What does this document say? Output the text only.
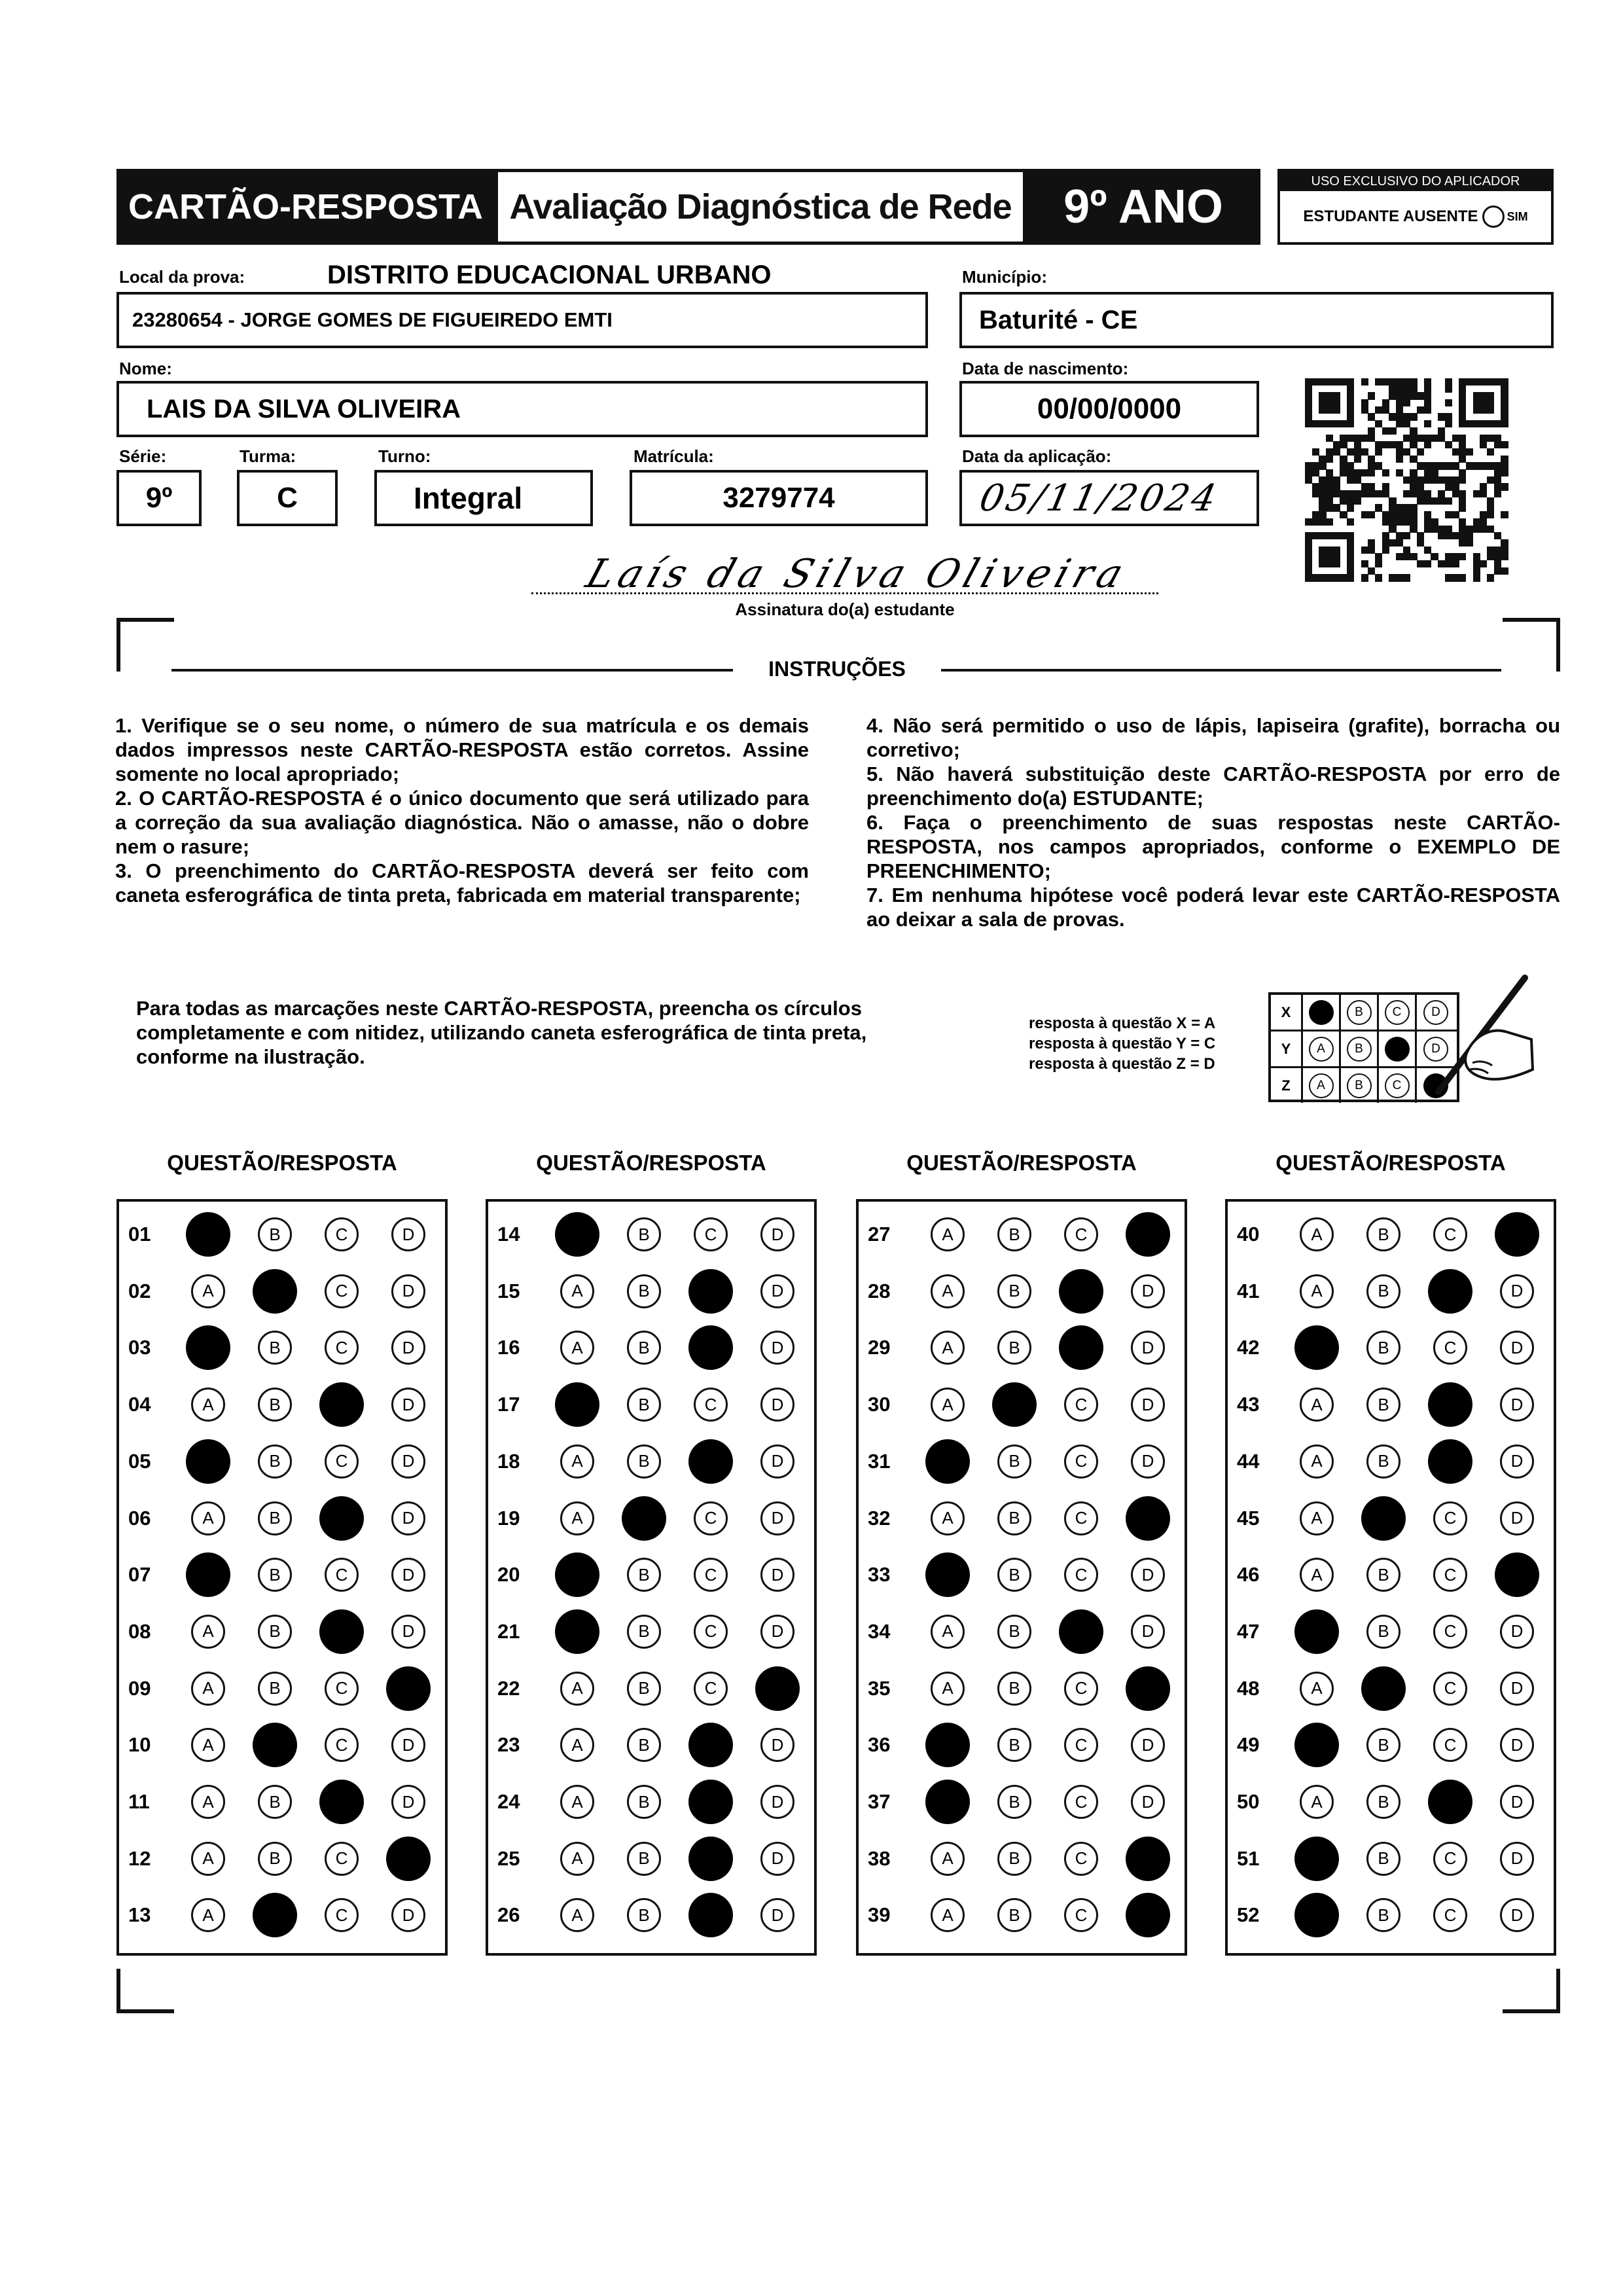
CARTÃO-RESPOSTA Avaliação Diagnóstica de Rede	9º ANO	USO EXCLUSIVO DO APLICADOR
ESTUDANTE AUSENTE SIM
Local da prova:	DISTRITO EDUCACIONAL URBANO
23280654 - JORGE GOMES DE FIGUEIREDO EMTI
Município:
Baturité - CE
Nome:
LAIS DA SILVA OLIVEIRA
Data de nascimento:
00/00/0000
Série:
9º
Turma:
C
Turno:
Integral
Matrícula:
3279774
Data da aplicação:
05/11/2024
Laís da Silva Oliveira
Assinatura do(a) estudante
INSTRUÇÕES

1. Verifique se o seu nome, o número de sua matrícula e os demais dados impressos neste CARTÃO-RESPOSTA estão corretos. Assine somente no local apropriado;

2. O CARTÃO-RESPOSTA é o único documento que será utilizado para a correção da sua avaliação diagnóstica. Não o amasse, não o dobre nem o rasure;

3. O preenchimento do CARTÃO-RESPOSTA deverá ser feito com caneta esferográfica de tinta preta, fabricada em material transparente;

4. Não será permitido o uso de lápis, lapiseira (grafite), borracha ou corretivo;

5. Não haverá substituição deste CARTÃO-RESPOSTA por erro de preenchimento do(a) ESTUDANTE;

6. Faça o preenchimento de suas respostas neste CARTÃO-RESPOSTA, nos campos apropriados, conforme o EXEMPLO DE PREENCHIMENTO;

7. Em nenhuma hipótese você poderá levar este CARTÃO-RESPOSTA ao deixar a sala de provas.

Para todas as marcações neste CARTÃO-RESPOSTA, preencha os círculos completamente e com nitidez, utilizando caneta esferográfica de tinta preta, conforme na ilustração.
resposta à questão X = A
resposta à questão Y = C
resposta à questão Z = D
X	B	C	D
Y	A	B	D
Z	A	B	C
QUESTÃO/RESPOSTA
01	B	C	D
02	A	C	D
03	B	C	D
04	A	B	D
05	B	C	D
06	A	B	D
07	B	C	D
08	A	B	D
09	A	B	C
10	A	C	D
11	A	B	D
12	A	B	C
13	A	C	D
QUESTÃO/RESPOSTA
14	B	C	D
15	A	B	D
16	A	B	D
17	B	C	D
18	A	B	D
19	A	C	D
20	B	C	D
21	B	C	D
22	A	B	C
23	A	B	D
24	A	B	D
25	A	B	D
26	A	B	D
QUESTÃO/RESPOSTA
27	A	B	C
28	A	B	D
29	A	B	D
30	A	C	D
31	B	C	D
32	A	B	C
33	B	C	D
34	A	B	D
35	A	B	C
36	B	C	D
37	B	C	D
38	A	B	C
39	A	B	C
QUESTÃO/RESPOSTA
40	A	B	C
41	A	B	D
42	B	C	D
43	A	B	D
44	A	B	D
45	A	C	D
46	A	B	C
47	B	C	D
48	A	C	D
49	B	C	D
50	A	B	D
51	B	C	D
52	B	C	D
